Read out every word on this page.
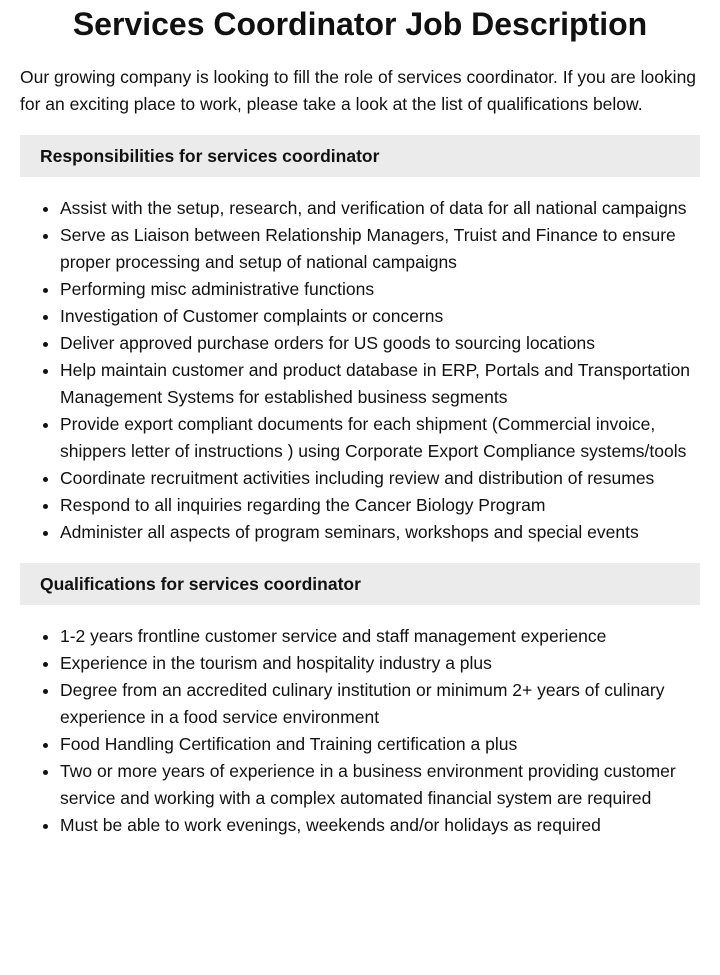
Services Coordinator Job Description

Our growing company is looking to fill the role of services coordinator. If you are looking for an exciting place to work, please take a look at the list of qualifications below.

Responsibilities for services coordinator
• Assist with the setup, research, and verification of data for all national campaigns
• Serve as Liaison between Relationship Managers, Truist and Finance to ensure proper processing and setup of national campaigns
• Performing misc administrative functions
• Investigation of Customer complaints or concerns
• Deliver approved purchase orders for US goods to sourcing locations
• Help maintain customer and product database in ERP, Portals and Transportation Management Systems for established business segments
• Provide export compliant documents for each shipment (Commercial invoice, shippers letter of instructions ) using Corporate Export Compliance systems/tools
• Coordinate recruitment activities including review and distribution of resumes
• Respond to all inquiries regarding the Cancer Biology Program
• Administer all aspects of program seminars, workshops and special events
Qualifications for services coordinator
• 1-2 years frontline customer service and staff management experience
• Experience in the tourism and hospitality industry a plus
• Degree from an accredited culinary institution or minimum 2+ years of culinary experience in a food service environment
• Food Handling Certification and Training certification a plus
• Two or more years of experience in a business environment providing customer service and working with a complex automated financial system are required
• Must be able to work evenings, weekends and/or holidays as required
